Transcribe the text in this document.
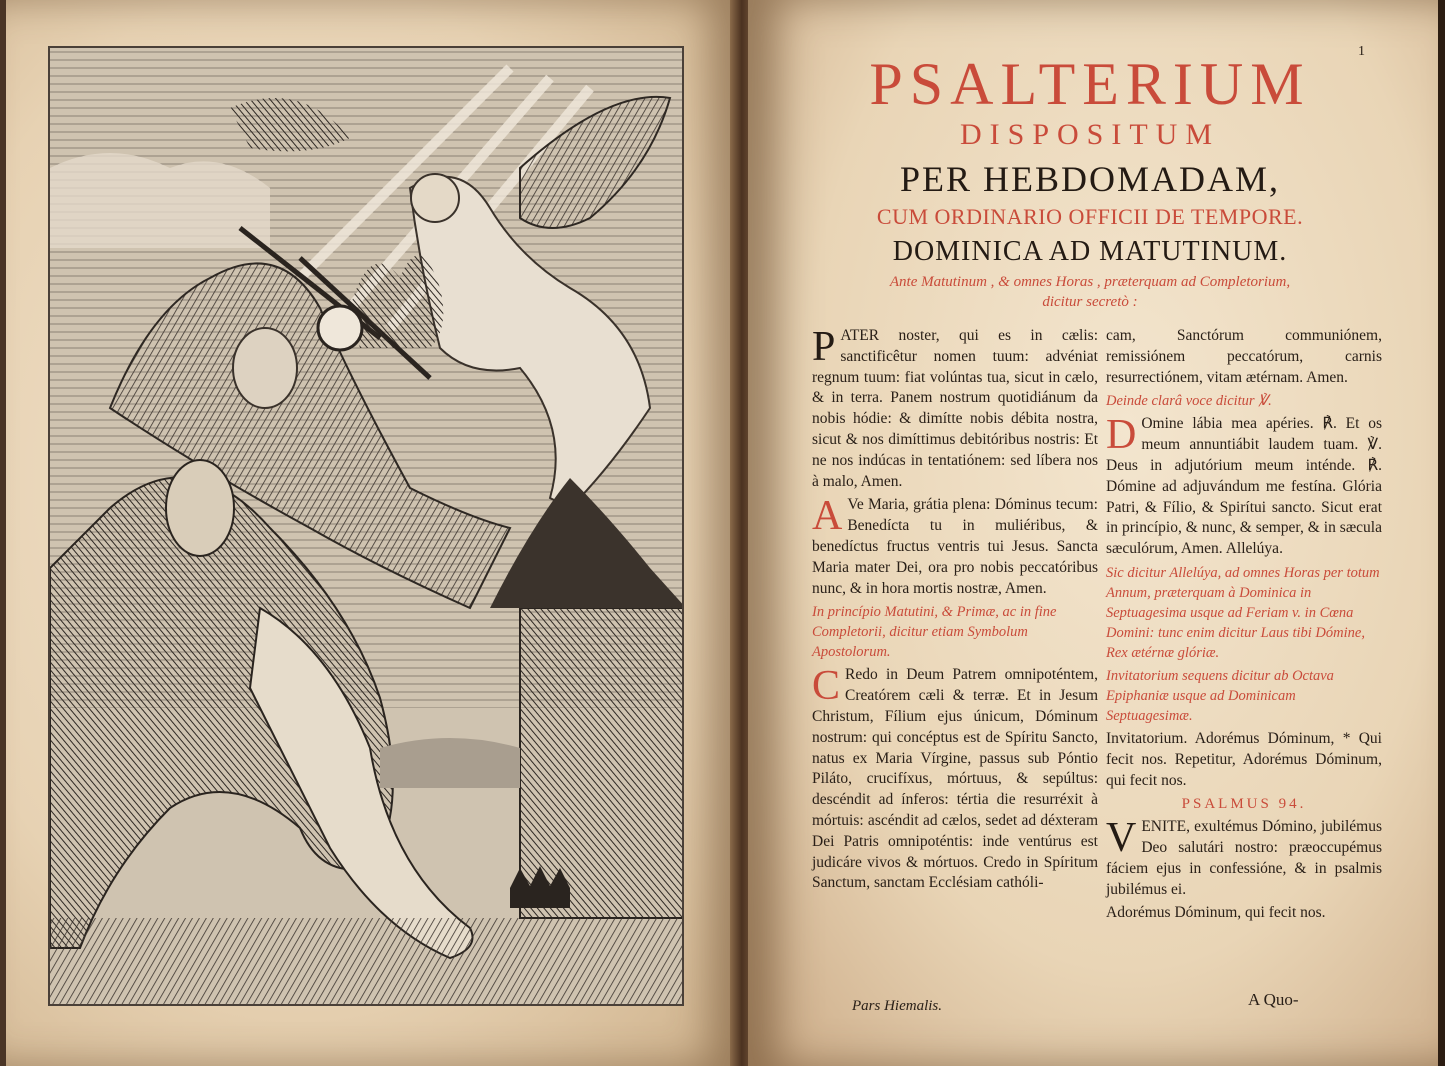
1
PSALTERIUM
DISPOSITUM
PER HEBDOMADAM,
CUM ORDINARIO OFFICII DE TEMPORE.
DOMINICA AD MATUTINUM.
Ante Matutinum , & omnes Horas , præterquam ad Completorium, dicitur secretò :

PATER noster, qui es in cælis: sanctificêtur nomen tuum: advéniat regnum tuum: fiat volúntas tua, sicut in cælo, & in terra. Panem nostrum quotidiánum da nobis hódie: & dimítte nobis débita nostra, sicut & nos dimíttimus debitóribus nostris: Et ne nos indúcas in tentatiónem: sed líbera nos à malo, Amen.

A Ve Maria, grátia plena: Dóminus tecum: Benedícta tu in muliéribus, & benedíctus fructus ventris tui Jesus. Sancta Maria mater Dei, ora pro nobis peccatóribus nunc, & in hora mortis nostræ, Amen.

In princípio Matutini, & Primæ, ac in fine Completorii, dicitur etiam Symbolum Apostolorum.

C Redo in Deum Patrem omnipoténtem, Creatórem cæli & terræ. Et in Jesum Christum, Fílium ejus únicum, Dóminum nostrum: qui concéptus est de Spíritu Sancto, natus ex Maria Vírgine, passus sub Póntio Piláto, crucifíxus, mórtuus, & sepúltus: descéndit ad ínferos: tértia die resurréxit à mórtuis: ascéndit ad cælos, sedet ad déxteram Dei Patris omnipoténtis: inde ventúrus est judicáre vivos & mórtuos. Credo in Spíritum Sanctum, sanctam Ecclésiam cathóli-

cam, Sanctórum communiónem, remissiónem peccatórum, carnis resurrectiónem, vitam ætérnam. Amen.

Deinde clarâ voce dicitur ℣.

D Omine lábia mea apéries. ℟. Et os meum annuntiábit laudem tuam. ℣. Deus in adjutórium meum inténde. ℟. Dómine ad adjuvándum me festína. Glória Patri, & Fílio, & Spirítui sancto. Sicut erat in princípio, & nunc, & semper, & in sæcula sæculórum, Amen. Allelúya.

Sic dicitur Allelúya, ad omnes Horas per totum Annum, præterquam à Dominica in Septuagesima usque ad Feriam v. in Cœna Domini: tunc enim dicitur Laus tibi Dómine, Rex ætérnæ glóriæ.
Invitatorium sequens dicitur ab Octava Epiphaniæ usque ad Dominicam Septuagesimæ.

Invitatorium. Adorémus Dóminum, * Qui fecit nos. Repetitur, Adorémus Dóminum, qui fecit nos.

PSALMUS 94.

VENITE, exultémus Dómino, jubilémus Deo salutári nostro: præoccupémus fáciem ejus in confessióne, & in psalmis jubilémus ei.

Adorémus Dóminum, qui fecit nos.

Pars Hiemalis.	A Quo-
